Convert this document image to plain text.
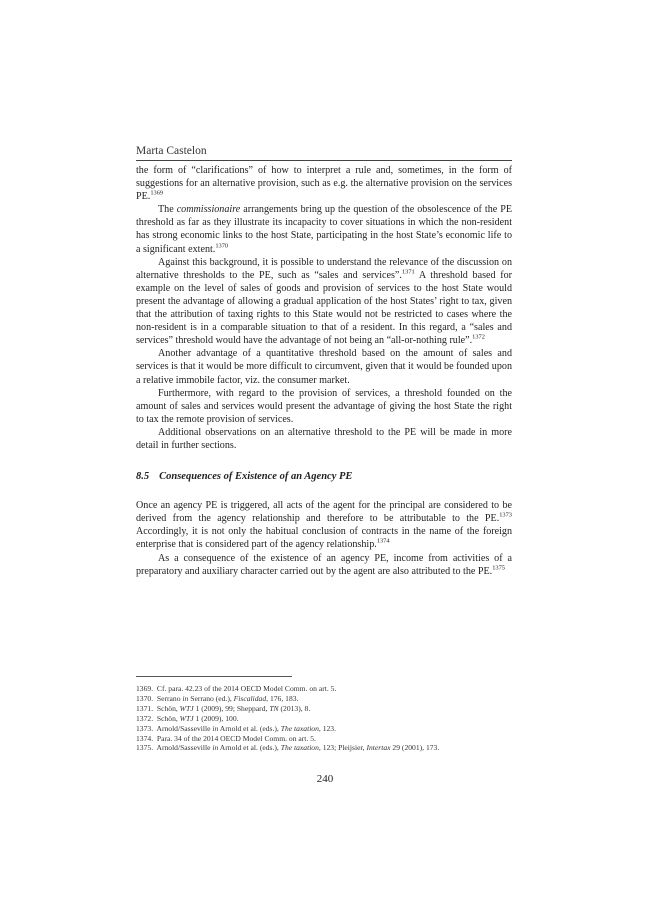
Marta Castelon

the form of “clarifications” of how to interpret a rule and, sometimes, in the form of suggestions for an alternative provision, such as e.g. the alternative provision on the services PE.$^{1369}$

The commissionaire arrangements bring up the question of the obsolescence of the PE threshold as far as they illustrate its incapacity to cover situations in which the non-resident has strong economic links to the host State, participating in the host State’s economic life to a significant extent.$^{1370}$

Against this background, it is possible to understand the relevance of the discussion on alternative thresholds to the PE, such as “sales and services”.$^{1371}$ A threshold based for example on the level of sales of goods and provision of services to the host State would present the advantage of allowing a gradual application of the host States’ right to tax, given that the attribution of taxing rights to this State would not be restricted to cases where the non-resident is in a comparable situation to that of a resident. In this regard, a “sales and services” threshold would have the advantage of not being an “all-or-nothing rule”.$^{1372}$

Another advantage of a quantitative threshold based on the amount of sales and services is that it would be more difficult to circumvent, given that it would be founded upon a relative immobile factor, viz. the consumer market.

Furthermore, with regard to the provision of services, a threshold founded on the amount of sales and services would present the advantage of giving the host State the right to tax the remote provision of services.

Additional observations on an alternative threshold to the PE will be made in more detail in further sections.

8.5 Consequences of Existence of an Agency PE

Once an agency PE is triggered, all acts of the agent for the principal are considered to be derived from the agency relationship and therefore to be attributable to the PE.$^{1373}$ Accordingly, it is not only the habitual conclusion of contracts in the name of the foreign enterprise that is considered part of the agency relationship.$^{1374}$

As a consequence of the existence of an agency PE, income from activities of a preparatory and auxiliary character carried out by the agent are also attributed to the PE.$^{1375}$

1369.  Cf. para. 42.23 of the 2014 OECD Model Comm. on art. 5.
1370.  Serrano in Serrano (ed.), Fiscalidad, 176, 183.
1371.  Schön, WTJ 1 (2009), 99; Sheppard, TN (2013), 8.
1372.  Schön, WTJ 1 (2009), 100.
1373.  Arnold/Sasseville in Arnold et al. (eds.), The taxation, 123.
1374.  Para. 34 of the 2014 OECD Model Comm. on art. 5.
1375.  Arnold/Sasseville in Arnold et al. (eds.), The taxation, 123; Pleijsier, Intertax 29 (2001), 173.
240
